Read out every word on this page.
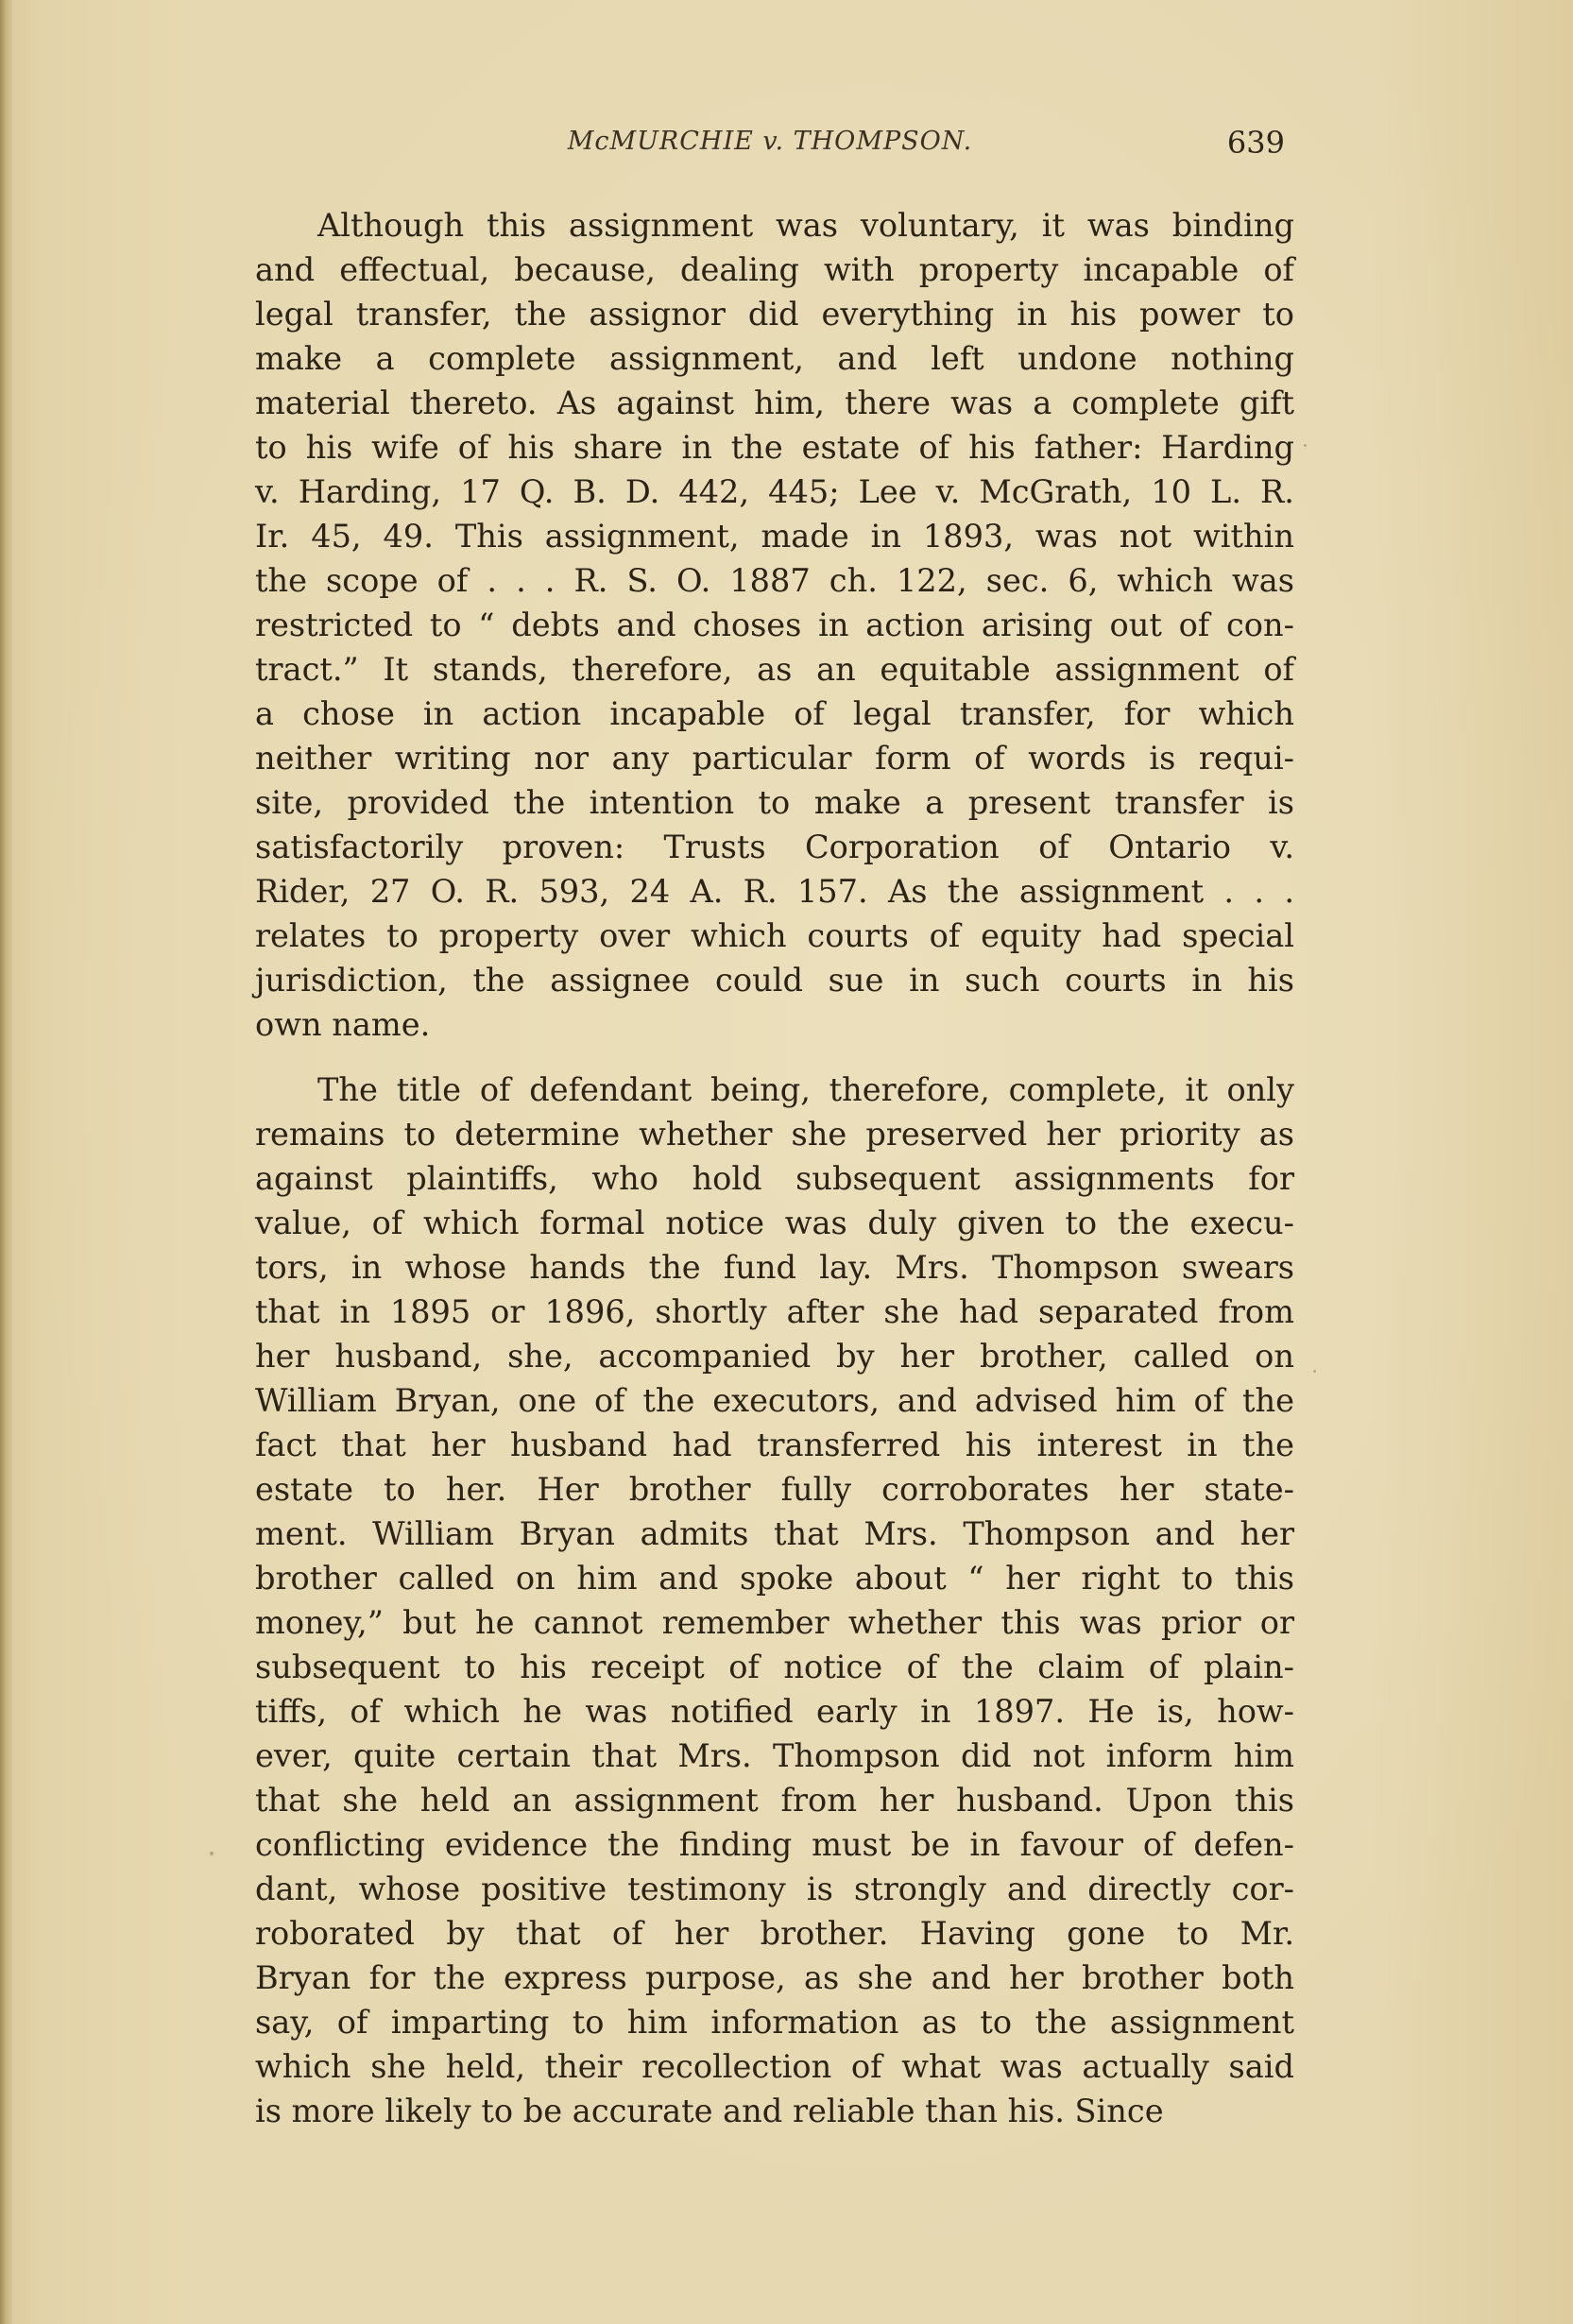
McMURCHIE v. THOMPSON.	639
Although this assignment was voluntary, it was binding
and effectual, because, dealing with property incapable of
legal transfer, the assignor did everything in his power to
make a complete assignment, and left undone nothing
material thereto. As against him, there was a complete gift
to his wife of his share in the estate of his father: Harding
v. Harding, 17 Q. B. D. 442, 445; Lee v. McGrath, 10 L. R.
Ir. 45, 49. This assignment, made in 1893, was not within
the scope of . . . R. S. O. 1887 ch. 122, sec. 6, which was
restricted to “ debts and choses in action arising out of con-
tract.” It stands, therefore, as an equitable assignment of
a chose in action incapable of legal transfer, for which
neither writing nor any particular form of words is requi-
site, provided the intention to make a present transfer is
satisfactorily proven: Trusts Corporation of Ontario v.
Rider, 27 O. R. 593, 24 A. R. 157. As the assignment . . .
relates to property over which courts of equity had special
jurisdiction, the assignee could sue in such courts in his
own name.
The title of defendant being, therefore, complete, it only
remains to determine whether she preserved her priority as
against plaintiffs, who hold subsequent assignments for
value, of which formal notice was duly given to the execu-
tors, in whose hands the fund lay. Mrs. Thompson swears
that in 1895 or 1896, shortly after she had separated from
her husband, she, accompanied by her brother, called on
William Bryan, one of the executors, and advised him of the
fact that her husband had transferred his interest in the
estate to her. Her brother fully corroborates her state-
ment. William Bryan admits that Mrs. Thompson and her
brother called on him and spoke about “ her right to this
money,” but he cannot remember whether this was prior or
subsequent to his receipt of notice of the claim of plain-
tiffs, of which he was notified early in 1897. He is, how-
ever, quite certain that Mrs. Thompson did not inform him
that she held an assignment from her husband. Upon this
conflicting evidence the finding must be in favour of defen-
dant, whose positive testimony is strongly and directly cor-
roborated by that of her brother. Having gone to Mr.
Bryan for the express purpose, as she and her brother both
say, of imparting to him information as to the assignment
which she held, their recollection of what was actually said
is more likely to be accurate and reliable than his. Since
